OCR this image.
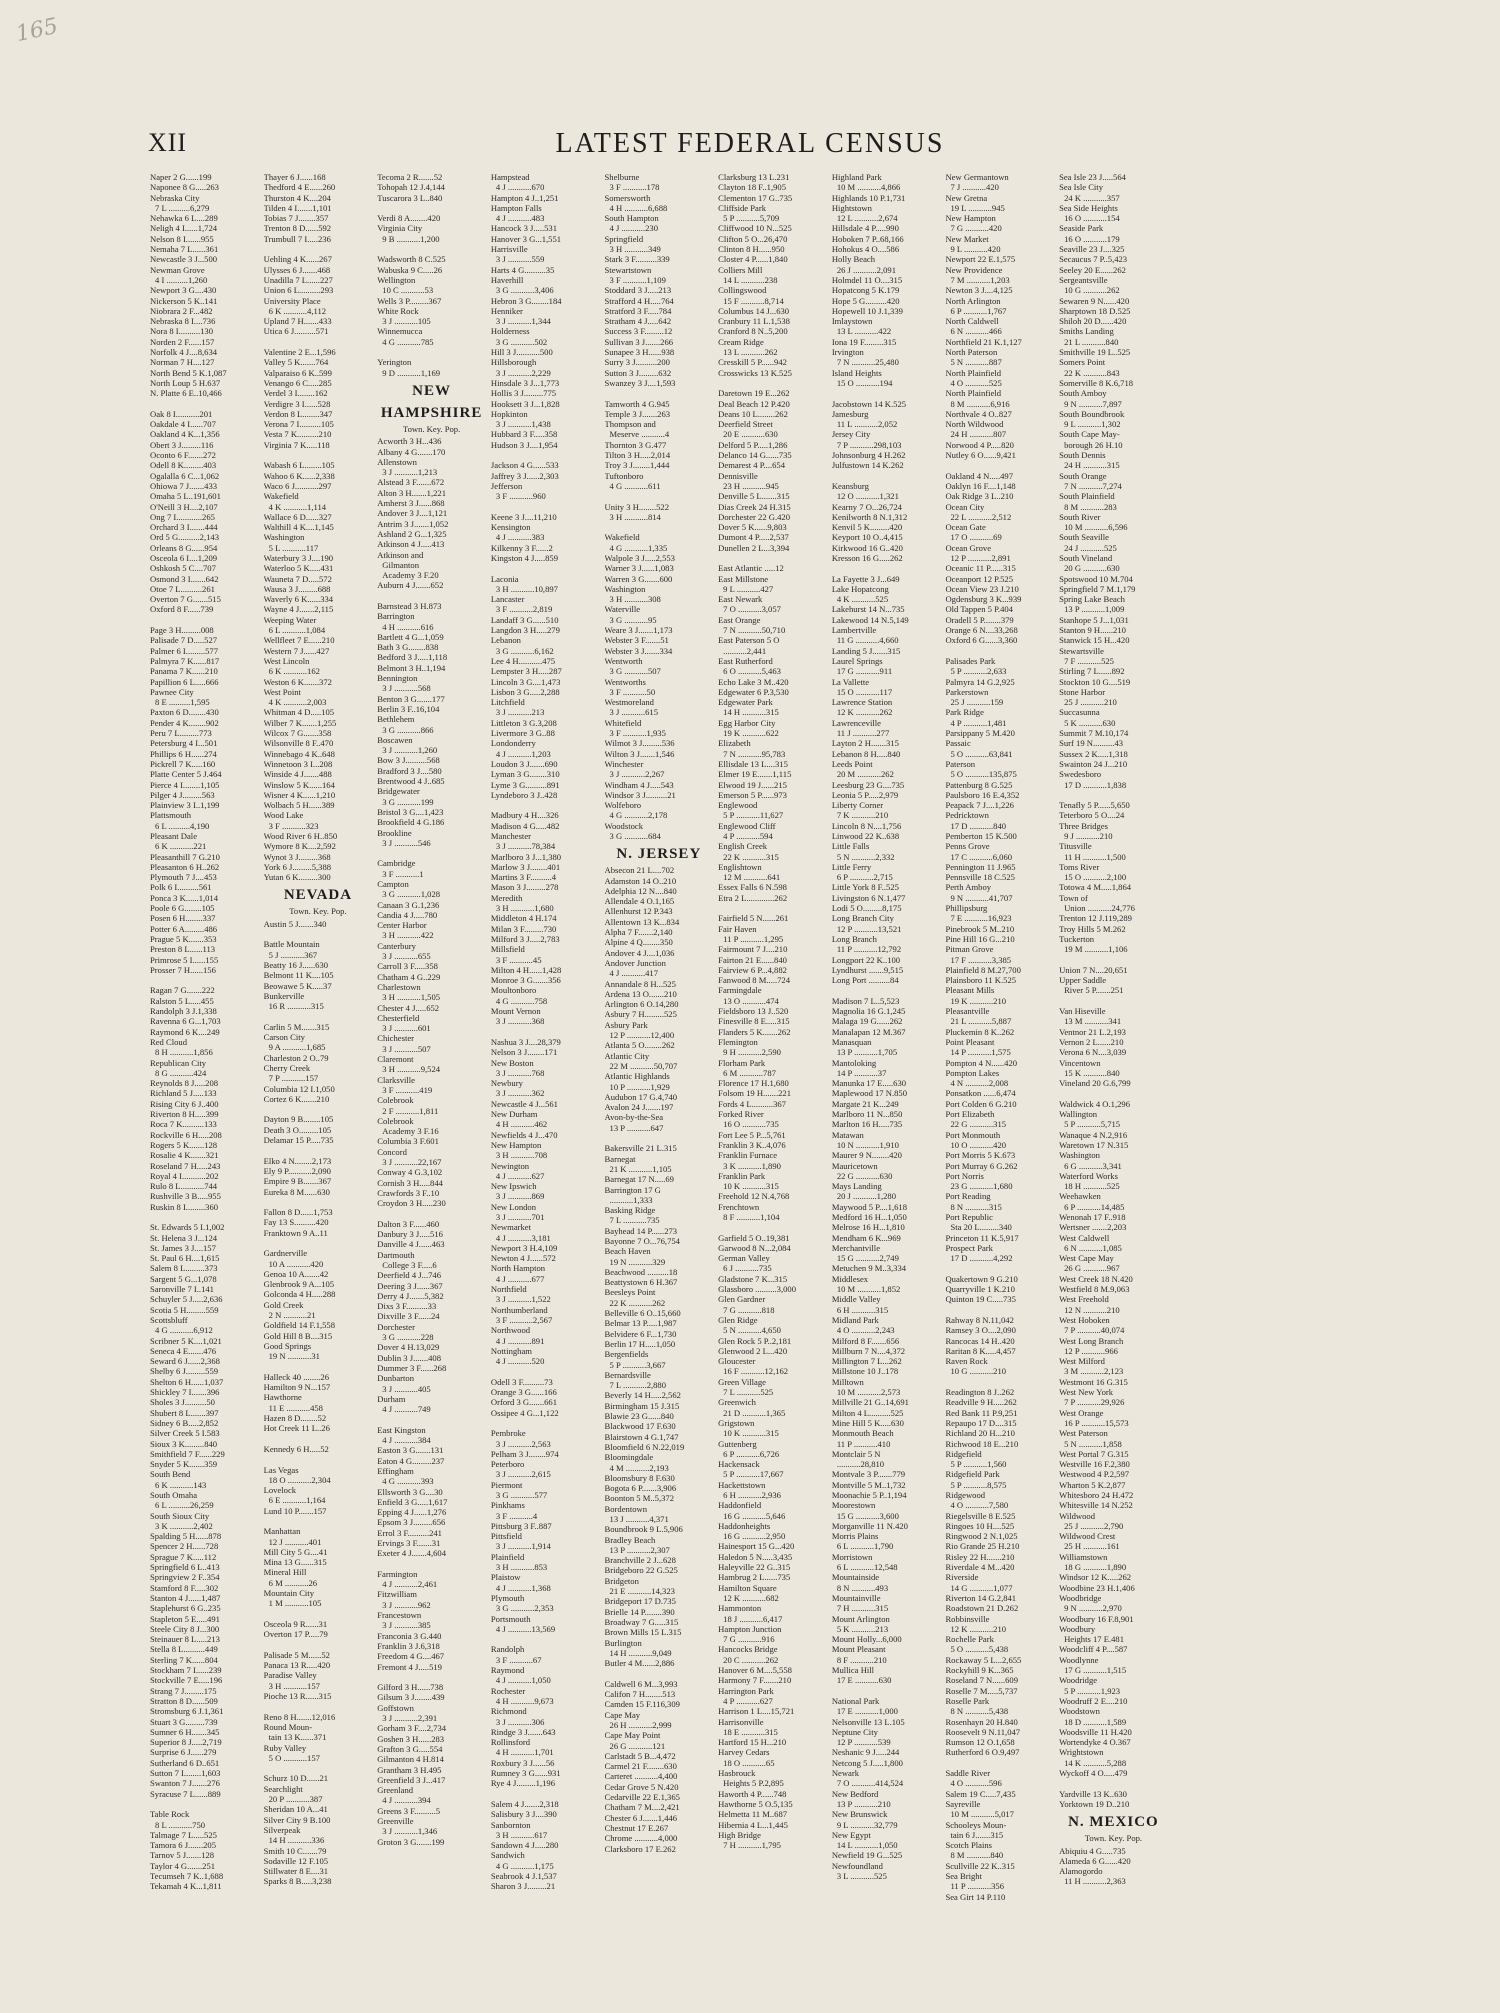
165
XII	LATEST FEDERAL CENSUS
Naper 2 G......199
Naponee 8 G.....263
Nebraska City
7 L ..........6,279
Nehawka 6 L....289
Neligh 4 I......1,724
Nelson 8 I.......955
Nemaha 7 L......361
Newcastle 3 J...500
Newman Grove
4 I ..........1,260
Newport 3 G....430
Nickerson 5 K..141
Niobrara 2 F...482
Nebraska 8 I....736
Nora 8 I..........130
Norden 2 F......157
Norfolk 4 J....8,634
Norman 7 H....127
North Bend 5 K.1,087
North Loup 5 H.637
N. Platte 6 E..10,466

Oak 8 I...........201
Oakdale 4 I......707
Oakland 4 K...1,356
Obert 3 J.........116
Oconto 6 F.......272
Odell 8 K.........403
Ogalalla 6 C...1,062
Ohiowa 7 J.......433
Omaha 5 L..191,601
O'Neill 3 H....2,107
Ong 7 I............265
Orchard 3 I.......444
Ord 5 G..........2,143
Orleans 8 G......954
Osceola 6 I....1,209
Oshkosh 5 C....707
Osmond 3 I.......642
Otoe 7 L..........261
Overton 7 G.......515
Oxford 8 F......739

Page 3 H.........008
Palisade 7 D.....527
Palmer 6 I.........577
Palmyra 7 K......817
Panama 7 K......210
Papillion 6 L.....666
Pawnee City
8 E ..........1,595
Paxton 6 D........430
Pender 4 K........902
Peru 7 L.........773
Petersburg 4 I...501
Phillips 6 H......274
Pickrell 7 K.....160
Platte Center 5 J.464
Pierce 4 I........1,105
Pilger 4 J.........563
Plainview 3 I..1,199
Plattsmouth
6 L ..........4,190
Pleasant Dale
6 K ...........221
Pleasanthill 7 G.210
Pleasanton 6 H..262
Plymouth 7 J....453
Polk 6 I..........561
Ponca 3 K......1,014
Poole 6 G........105
Posen 6 H........337
Potter 6 A.........486
Prague 5 K.......353
Preston 8 L......113
Primrose 5 I......155
Prosser 7 H......156

Ragan 7 G.......222
Ralston 5 L.....455
Randolph 3 J.1,338
Ravenna 6 G...1,703
Raymond 6 K....249
Red Cloud
8 H ...........1,856
Republican City
8 G ...........424
Reynolds 8 J.....208
Richland 5 J.....133
Rising City 6 J..400
Riverton 8 H.....399
Roca 7 K..........133
Rockville 6 H.....208
Rogers 5 K.......128
Rosalie 4 K.......321
Roseland 7 H.....243
Royal 4 I...........202
Rulo 8 L...........744
Rushville 3 B.....955
Ruskin 8 I.........360

St. Edwards 5 I.1,002
St. Helena 3 J...124
St. James 3 J....157
St. Paul 6 H....1,615
Salem 8 L.........373
Sargent 5 G...1,078
Saronville 7 I..141
Schuyler 5 J.....2,636
Scotia 5 H.........559
Scottsbluff
4 G ...........6,912
Scribner 5 K....1,021
Seneca 4 E.......476
Seward 6 J......2,368
Shelby 6 J.........559
Shelton 6 H......1,037
Shickley 7 I.......396
Sholes 3 J..........50
Shubert 8 L.......397
Sidney 6 B.....2,852
Silver Creek 5 I.583
Sioux 3 K.........840
Smithfield 7 F......229
Snyder 5 K.......359
South Bend
6 K ...........143
South Omaha
6 L ..........26,259
South Sioux City
3 K ...........2,402
Spalding 5 H......878
Spencer 2 H......728
Sprague 7 K.....112
Springfield 6 L..413
Springview 2 F..354
Stamford 8 F.....302
Stanton 4 J......1,487
Staplehurst 6 G..235
Stapleton 5 E.....491
Steele City 8 J...300
Steinauer 8 L.....213
Stella 8 L..........449
Sterling 7 K......804
Stockham 7 I......239
Stockville 7 E.....196
Strang 7 J.........175
Stratton 8 D......509
Stromsburg 6 J.1,361
Stuart 3 G.........739
Sumner 6 H.......345
Superior 8 J.....2,719
Surprise 6 J......279
Sutherland 6 D..651
Sutton 7 I........1,603
Swanton 7 J.......276
Syracuse 7 L......889

Table Rock
8 L ...........750
Talmage 7 L.....525
Tamora 6 J.......205
Tarnov 5 J.......128
Taylor 4 G.......251
Tecumseh 7 K..1,688
Tekamah 4 K...1,811
Thayer 6 J......168
Thedford 4 E......260
Thurston 4 K....204
Tilden 4 I.......1,101
Tobias 7 J........357
Trenton 8 D......592
Trumbull 7 I.....236

Uehling 4 K......267
Ulysses 6 J.......468
Unadilla 7 L......227
Union 6 L..........293
University Place
6 K ...........4,112
Upland 7 H.......433
Utica 6 J..........571

Valentine 2 E...1,596
Valley 5 K.......764
Valparaiso 6 K..599
Venango 6 C.....285
Verdel 3 I........162
Verdigre 3 I......528
Verdon 8 L........347
Verona 7 I..........105
Vesta 7 K..........210
Virginia 7 K.....118

Wabash 6 L........105
Wahoo 6 K......2,338
Waco 6 J...........297
Wakefield
4 K ...........1,114
Wallace 6 D......327
Walthill 4 K....1,145
Washington
5 L ...........117
Waterbury 3 J....190
Waterloo 5 K.....431
Wauneta 7 D.....572
Wausa 3 J.........688
Waverly 6 K......334
Wayne 4 J.......2,115
Weeping Water
6 L ...........1,084
Wellfleet 7 E......210
Western 7 J......427
West Lincoln
6 K ...........162
Weston 6 K.......372
West Point
4 K ...........2,003
Whitman 4 D.....105
Wilber 7 K.......1,255
Wilcox 7 G.......358
Wilsonville 8 F..470
Winnebago 4 K..648
Winnetoon 3 I...208
Winside 4 J.......488
Winslow 5 K......164
Wisner 4 K......1,210
Wolbach 5 H......389
Wood Lake
3 F ...........323
Wood River 6 H..850
Wymore 8 K....2,592
Wynot 3 J.........368
York 6 J.........5,388
Yutan 6 K.........300
NEVADA
Town. Key. Pop.
Austin 5 J.......340

Battle Mountain
5 J ...........367
Beatty 16 J......630
Belmont 11 K....105
Beowawe 5 K.....37
Bunkerville
16 R ...........315

Carlin 5 M.......315
Carson City
9 A ...........1,685
Charleston 2 O..79
Cherry Creek
7 P ...........157
Columbia 12 I.1,050
Cortez 6 K.......210

Dayton 9 B........105
Death 3 O.........105
Delamar 15 P.....735

Elko 4 N........2,173
Ely 9 P...........2,090
Empire 9 B.......367
Eureka 8 M......630

Fallon 8 D......1,753
Fay 13 S..........420
Franktown 9 A..11

Gardnerville
10 A ...........420
Genoa 10 A.......42
Glenbrook 9 A...105
Golconda 4 H.....288
Gold Creek
2 N ...........21
Goldfield 14 F.1,558
Gold Hill 8 B....315
Good Springs
19 N ...........31

Halleck 40 ........26
Hamilton 9 N...157
Hawthorne
11 E ...........458
Hazen 8 D........52
Hot Creek 11 L..26

Kennedy 6 H.....52

Las Vegas
18 O ...........2,304
Lovelock
6 E ...........1,164
Lund 10 P.......157

Manhattan
12 J ...........401
Mill City 5 G....41
Mina 13 G......315
Mineral Hill
6 M ...........26
Mountain City
1 M ...........105

Osceola 9 R......31
Overton 17 P.....79

Palisade 5 M......52
Panaca 13 R.....420
Paradise Valley
3 H ...........157
Pioche 13 R......315

Reno 8 H.......12,016
Round Moun-
tain 13 K......371
Ruby Valley
5 O ...........157

Schurz 10 D......21
Searchlight
20 P ...........387
Sheridan 10 A...41
Silver City 9 B.100
Silverpeak
14 H ...........336
Smith 10 C.......79
Sodaville 12 F.105
Stillwater 8 E....31
Sparks 8 B.....3,238
Tecoma 2 R.......52
Tohopah 12 J.4,144
Tuscarora 3 L..840

Verdi 8 A........420
Virginia City
9 B ...........1,200

Wadsworth 8 C.525
Wabuska 9 C.....26
Wellington
10 C ...........53
Wells 3 P.........367
White Rock
3 J ...........105
Winnemucca
4 G ...........785

Yerington
9 D ...........1,169
NEW
HAMPSHIRE
Town. Key. Pop.
Acworth 3 H...436
Albany 4 G.......170
Allenstown
3 J ...........1,213
Alstead 3 F.......672
Alton 3 H.......1,221
Amherst 3 J......868
Andover 3 J....1,121
Antrim 3 J.......1,052
Ashland 2 G...1,325
Atkinson 4 J.....413
Atkinson and
Gilmanton
Academy 3 F.20
Auburn 4 J.......652

Barnstead 3 H.873
Barrington
4 H ...........616
Bartlett 4 G...1,059
Bath 3 G........838
Bedford 3 J.....1,118
Belmont 3 H..1,194
Bennington
3 J ...........568
Benton 3 G.......177
Berlin 3 F..16,104
Bethlehem
3 G ...........866
Boscawen
3 J ...........1,260
Bow 3 J..........568
Bradford 3 J....580
Brentwood 4 J..685
Bridgewater
3 G ...........199
Bristol 3 G....1,423
Brookfield 4 G.186
Brookline
3 J ...........546

Cambridge
3 F ...........1
Campton
3 G ...........1,028
Canaan 3 G.1,236
Candia 4 J.....780
Center Harbor
3 H ...........422
Canterbury
3 J ...........655
Carroll 3 F.....358
Chatham 4 G..229
Charlestown
3 H ...........1,505
Chester 4 J.....652
Chesterfield
3 J ...........601
Chichester
3 J ...........507
Claremont
3 H ...........9,524
Clarksville
3 F ...........419
Colebrook
2 F ...........1,811
Colebrook
Academy 3 F.16
Columbia 3 F.601
Concord
3 J ...........22,167
Conway 4 G.3,102
Cornish 3 H.....844
Crawfords 3 F..10
Croydon 3 H.....230

Dalton 3 F......460
Danbury 3 J.....516
Danville 4 J......463
Dartmouth
College 3 F.....6
Deerfield 4 J...746
Deering 3 J......367
Derry 4 J.......5,382
Dixs 3 F..........33
Dixville 3 F......24
Dorchester
3 G ...........228
Dover 4 H.13,029
Dublin 3 J.......408
Dummer 3 F......268
Dunbarton
3 J ...........405
Durham
4 J ...........749

East Kingston
4 J ...........384
Easton 3 G.......131
Eaton 4 G.........237
Effingham
4 G ...........393
Ellsworth 3 G....30
Enfield 3 G.....1,617
Epping 4 J......1,276
Epsom 3 J.........656
Errol 3 F..........241
Ervings 3 F.......31
Exeter 4 J.......4,604

Farmington
4 J ...........2,461
Fitzwilliam
3 J ...........962
Francestown
3 J ...........385
Franconia 3 G.440
Franklin 3 J.6,318
Freedom 4 G....467
Fremont 4 J.....519

Gilford 3 H......738
Gilsum 3 J........439
Goffstown
3 J ...........2,391
Gorham 3 F....2,734
Goshen 3 H......283
Grafton 3 G.....554
Gilmanton 4 H.814
Grantham 3 H.495
Greenfield 3 J...417
Greenland
4 J ...........394
Greens 3 F..........5
Greenville
3 J ...........1,346
Groton 3 G.......199
Hampstead
4 J ...........670
Hampton 4 J..1,251
Hampton Falls
4 J ...........483
Hancock 3 J.....531
Hanover 3 G...1,551
Harrisville
3 J ...........559
Harts 4 G..........35
Haverhill
3 G ...........3,406
Hebron 3 G........184
Henniker
3 J ...........1,344
Holderness
3 G ...........502
Hill 3 J...........500
Hillsborough
3 J ...........2,229
Hinsdale 3 J...1,773
Hollis 3 J.........775
Hooksett 3 J...1,828
Hopkinton
3 J ...........1,438
Hubbard 3 F.....358
Hudson 3 J....1,954

Jackson 4 G......533
Jaffrey 3 J......2,303
Jefferson
3 F ...........960

Keene 3 J....11,210
Kensington
4 J ...........383
Kilkenny 3 F......2
Kingston 4 J.....859

Laconia
3 H ...........10,897
Lancaster
3 F ...........2,819
Landaff 3 G......510
Langdon 3 H.....279
Lebanon
3 G ...........6,162
Lee 4 H...........475
Lempster 3 H.....287
Lincoln 3 G....1,473
Lisbon 3 G.....2,288
Litchfield
3 J ...........213
Littleton 3 G.3,208
Livermore 3 G..88
Londonderry
4 J ...........1,203
Loudon 3 J.......690
Lyman 3 G........310
Lyme 3 G..........891
Lyndeboro 3 J..428

Madbury 4 H....326
Madison 4 G.....482
Manchester
3 J ...........78,384
Marlboro 3 J...1,380
Marlow 3 J........401
Martins 3 F..........4
Mason 3 J.........278
Meredith
3 H ...........1,680
Middleton 4 H.174
Milan 3 F.........730
Milford 3 J.....2,783
Millsfield
3 F ...........45
Milton 4 H......1,428
Monroe 3 G.......356
Moultonboro
4 G ...........758
Mount Vernon
3 J ...........368

Nashua 3 J....28,379
Nelson 3 J........171
New Boston
3 J ...........768
Newbury
3 J ...........362
Newcastle 4 J...561
New Durham
4 H ...........462
Newfields 4 J...470
New Hampton
3 H ...........708
Newington
4 J ...........627
New Ipswich
3 J ...........869
New London
3 J ...........701
Newmarket
4 J ...........3,181
Newport 3 H.4,109
Newton 4 J......572
North Hampton
4 J ...........677
Northfield
3 J ...........1,522
Northumberland
3 F ...........2,567
Northwood
4 J ...........891
Nottingham
4 J ...........520

Odell 3 F..........73
Orange 3 G......166
Orford 3 G.......661
Ossipee 4 G...1,122

Pembroke
3 J ...........2,563
Pelham 3 J........974
Peterboro
3 J ...........2,615
Piermont
3 G ...........577
Pinkhams
3 F ...........4
Pittsburg 3 F..887
Pittsfield
3 J ...........1,914
Plainfield
3 H ...........853
Plaistow
4 J ...........1,368
Plymouth
3 G ...........2,353
Portsmouth
4 J ...........13,569

Randolph
3 F ...........67
Raymond
4 J ...........1,050
Rochester
4 H ...........9,673
Richmond
3 J ...........306
Rindge 3 J.......643
Rollinsford
4 H ...........1,701
Roxbury 3 J......56
Rumney 3 G......931
Rye 4 J.........1,196

Salem 4 J.......2,318
Salisbury 3 J....390
Sanbornton
3 H ...........617
Sandown 4 J.....280
Sandwich
4 G ...........1,175
Seabrook 4 J.1,537
Sharon 3 J.........21
Shelburne
3 F ...........178
Somersworth
4 H ...........6,688
South Hampton
4 J ...........230
Springfield
3 H ...........349
Stark 3 F..........339
Stewartstown
3 F ...........1,109
Stoddard 3 J.....213
Strafford 4 H.....764
Stratford 3 F.....784
Stratham 4 J.....642
Success 3 F.........12
Sullivan 3 J.......266
Sunapee 3 H......938
Surry 3 J..........200
Sutton 3 J.........632
Swanzey 3 J....1,593

Tamworth 4 G.945
Temple 3 J.......263
Thompson and
Meserve ...........4
Thornton 3 G.477
Tilton 3 H.....2,014
Troy 3 J........1,444
Tuftonboro
4 G ...........611

Unity 3 H........522
3 H ...........814

Wakefield
4 G ...........1,335
Walpole 3 J.....2,553
Warner 3 J......1,083
Warren 3 G.......600
Washington
3 H ...........308
Waterville
3 G ...........95
Weare 3 J.......1,173
Webster 3 F.......51
Webster 3 J.......334
Wentworth
3 G ...........507
Wentworths
3 F ...........50
Westmoreland
3 J ...........615
Whitefield
3 F ...........1,935
Wilmot 3 J.........536
Wilton 3 J.......1,546
Winchester
3 J ...........2,267
Windham 4 J.....543
Windsor 3 J..........21
Wolfeboro
4 G ...........2,178
Woodstock
3 G ...........684
N. JERSEY
Absecon 21 L....702
Adamston 14 O..210
Adelphia 12 N....840
Allendale 4 O.1,165
Allenhurst 12 P.343
Allentown 13 K...834
Alpha 7 F.......2,140
Alpine 4 Q........350
Andover 4 J....1,036
Andover Junction
4 J ...........417
Annandale 8 H...525
Ardena 13 O.......210
Arlington 6 O.14,280
Asbury 7 H.........525
Asbury Park
12 P ...........12,400
Atlanta 5 O........262
Atlantic City
22 M ...........50,707
Atlantic Highlands
10 P ...........1,929
Audubon 17 G.4,740
Avalon 24 J.......197
Avon-by-the-Sea
13 P ...........647

Bakersville 21 L.315
Barnegat
21 K ...........1,105
Barnegat 17 N.....69
Barrington 17 G
...........1,333
Basking Ridge
7 L ...........735
Bayhead 14 P......273
Bayonne 7 O...76,754
Beach Haven
19 N ...........329
Beachwood ..........18
Beattystown 6 H.367
Beesleys Point
22 K ...........262
Belleville 6 O..15,660
Belmar 13 P.....1,987
Belvidere 6 F...1,730
Berlin 17 H.....1,050
Bergenfields
5 P ...........3,667
Bernardsville
7 L ...........2,880
Beverly 14 H.....2,562
Birmingham 15 J.315
Blawie 23 G......840
Blackwood 17 F.630
Blairstown 4 G.1,747
Bloomfield 6 N.22,019
Bloomingdale
4 M ...........2,193
Bloomsbury 8 F.630
Bogota 6 P.......3,906
Boonton 5 M..5,372
Bordentown
13 J ...........4,371
Boundbrook 9 L.5,906
Bradley Beach
13 P ...........2,307
Branchville 2 J...628
Bridgeboro 22 G.525
Bridgeton
21 E ...........14,323
Bridgeport 17 D.735
Brielle 14 P........390
Broadway 7 G.....315
Brown Mills 15 L.315
Burlington
14 H ...........9,049
Butler 4 M......2,886

Caldwell 6 M...3,993
Califon 7 H........513
Camden 15 F.116,309
Cape May
26 H ...........2,999
Cape May Point
26 G ...........121
Carlstadt 5 B...4,472
Carmel 21 F........630
Carteret ...........4,400
Cedar Grove 5 N.420
Cedarville 22 E.1,365
Chatham 7 M....2,421
Chester 6 J.......1,446
Chestnut 17 E.267
Chrome ...........4,000
Clarksboro 17 E.262
Clarksburg 13 L.231
Clayton 18 F..1,905
Clementon 17 G..735
Cliffside Park
5 P ...........5,709
Cliffwood 10 N...525
Clifton 5 O...26,470
Clinton 8 H......950
Closter 4 P......1,840
Colliers Mill
14 L ...........238
Collingswood
15 F ...........8,714
Columbus 14 J...630
Cranbury 11 L.1,538
Cranford 8 N..5,200
Cream Ridge
13 L ...........262
Cresskill 5 P......942
Crosswicks 13 K.525

Daretown 19 E...262
Deal Beach 12 P.420
Deans 10 L........262
Deerfield Street
20 E ...........630
Delford 5 P.....1,286
Delanco 14 G......735
Demarest 4 P....654
Dennisville
23 H ...........945
Denville 5 L.......315
Dias Creek 24 H.315
Dorchester 22 G.420
Dover 5 K......9,803
Dumont 4 P.....2,537
Dunellen 2 L...3,394

East Atlantic .....12
East Millstone
9 L ...........427
East Newark
7 O ...........3,057
East Orange
7 N ...........50,710
East Paterson 5 O
...........2,441
East Rutherford
6 O ...........5,463
Echo Lake 3 M..420
Edgewater 6 P.3,530
Edgewater Park
14 H ...........315
Egg Harbor City
19 K ...........622
Elizabeth
7 N ...........95,783
Ellisdale 13 L....315
Elmer 19 E.......1,115
Elwood 19 J......215
Emerson 5 P......973
Englewood
5 P ...........11,627
Englewood Cliff
4 P ...........594
English Creek
22 K ...........315
Englishtown
12 M ...........641
Essex Falls 6 N.598
Etra 2 L.............262

Fairfield 5 N......261
Fair Haven
11 P ...........1,295
Fairmount 7 J....210
Fairton 21 E......840
Fairview 6 P...4,882
Fanwood 8 M.....724
Farmingdale
13 O ...........474
Fieldsboro 13 J..520
Finesville 8 E.....315
Flanders 5 K.......262
Flemington
9 H ...........2,590
Florham Park
6 M ...........787
Florence 17 H.1,680
Folsom 19 H.......221
Fords 4 L..........367
Forked River
16 O ...........735
Fort Lee 5 P...5,761
Franklin 3 K..4,076
Franklin Furnace
3 K ...........1,890
Franklin Park
10 K ...........315
Freehold 12 N.4,768
Frenchtown
8 F ...........1,104

Garfield 5 O..19,381
Garwood 8 N...2,084
German Valley
6 J ...........735
Gladstone 7 K...315
Glassboro ..........3,000
Glen Gardner
7 G ...........818
Glen Ridge
5 N ...........4,650
Glen Rock 5 P..2,181
Glenwood 2 L...420
Gloucester
16 F ...........12,162
Green Village
7 L ...........525
Greenwich
21 D ...........1,365
Grigstown
10 K ...........315
Guttenberg
6 P ...........6,726
Hackensack
5 P ...........17,667
Hackettstown
6 H ...........2,936
Haddonfield
16 G ...........5,646
Haddonheights
16 G ...........2,950
Hainesport 15 G...420
Haledon 5 N.....3,435
Haleyville 22 G..315
Hambrug 2 L......735
Hamilton Square
12 K ...........682
Hammonton
18 J ...........6,417
Hampton Junction
7 G ...........916
Hancocks Bridge
20 C ...........262
Hanover 6 M....5,558
Harmony 7 F.......210
Harrington Park
4 P ...........627
Harrison 1 L....15,721
Harrisonville
18 E ...........315
Hartford 15 H...210
Harvey Cedars
18 O ...........65
Hasbrouck
Heights 5 P.2,895
Haworth 4 P......748
Hawthorne 5 O.5,135
Helmetta 11 M..687
Hibernia 4 L...1,445
High Bridge
7 H ...........1,795
Highland Park
10 M ...........4,866
Highlands 10 P.1,731
Hightstown
12 L ...........2,674
Hillsdale 4 P.....990
Hoboken 7 P..68,166
Hohokus 4 O....586
Holly Beach
26 J ...........2,091
Holmdel 11 O....315
Hopatcong 5 K.179
Hope 5 G..........420
Hopewell 10 J.1,339
Imlaystown
13 L ...........422
Iona 19 F.........315
Irvington
7 N ...........25,480
Island Heights
15 O ...........194

Jacobstown 14 K.525
Jamesburg
11 L ...........2,052
Jersey City
7 P ...........298,103
Johnsonburg 4 H.262
Julfustown 14 K.262

Keansburg
12 O ...........1,321
Kearny 7 O...26,724
Kenilworth 8 N.1,312
Kenvil 5 K.........420
Keyport 10 O..4,415
Kirkwood 16 G..420
Kresson 16 G.....262

La Fayette 3 J...649
Lake Hopatcong
4 K ...........525
Lakehurst 14 N...735
Lakewood 14 N.5,149
Lambertville
11 G ...........4,660
Landing 5 J.......315
Laurel Springs
17 G ...........911
La Vallette
15 O ...........117
Lawrence Station
12 K ...........262
Lawrenceville
11 J ...........277
Layton 2 H.......315
Lebanon 8 H.....840
Leeds Point
20 M ...........262
Leesburg 23 G....735
Leonia 5 P.....2,979
Liberty Corner
7 K ...........210
Lincoln 8 N....1,756
Linwood 22 K..638
Little Falls
5 N ...........2,332
Little Ferry
6 P ...........2,715
Little York 8 F..525
Livingston 6 N.1,477
Lodi 5 O.........8,175
Long Branch City
12 P ...........13,521
Long Branch
11 P ...........12,792
Longport 22 K..100
Lyndhurst .......9,515
Long Port ..........84

Madison 7 L..5,523
Magnolia 16 G.1,245
Malaga 19 G......262
Manalapan 12 M.367
Manasquan
13 P ...........1,705
Mantoloking
14 P ...........37
Manunka 17 E.....630
Maplewood 17 N.850
Margate 21 K...249
Marlboro 11 N...850
Marlton 16 H.....735
Matawan
10 N ...........1,910
Maurer 9 N........420
Mauricetown
22 G ...........630
Mays Landing
20 J ...........1,280
Maywood 5 P....1,618
Medford 16 H...1,050
Melrose 16 H...1,810
Mendham 6 K...969
Merchantville
15 G ...........2,749
Metuchen 9 M..3,334
Middlesex
10 M ...........1,852
Middle Valley
6 H ...........315
Midland Park
4 O ...........2,243
Milford 8 F.......656
Millburn 7 N....4,372
Millington 7 L...262
Millstone 10 J..178
Milltown
10 M ...........2,573
Millville 21 G..14,691
Milton 4 L..........525
Mine Hill 5 K.....630
Monmouth Beach
11 P ...........410
Montclair 5 N
...........28,810
Montvale 3 P.......779
Montville 5 M..1,732
Moonachie 5 P..1,194
Moorestown
15 G ...........3,600
Morganville 11 N.420
Morris Plains
6 L ...........1,790
Morristown
6 L ...........12,548
Mountainside
8 N ...........493
Mountainville
7 H ...........315
Mount Arlington
5 K ...........213
Mount Holly...6,000
Mount Pleasant
8 F ...........210
Mullica Hill
17 E ...........630

National Park
17 E ...........1,000
Nelsonville 13 L.105
Neptune City
12 P ...........539
Neshanic 9 J.....244
Netcong 5 J.....1,800
Newark
7 O ...........414,524
New Bedford
13 P ...........210
New Brunswick
9 L ...........32,779
New Egypt
14 L ...........1,050
Newfield 19 G...525
Newfoundland
3 L ...........525
New Germantown
7 J ...........420
New Gretna
19 L ...........945
New Hampton
7 G ...........420
New Market
9 L ...........420
Newport 22 E.1,575
New Providence
7 M ...........1,203
Newton 3 J....4,125
North Arlington
6 P ...........1,767
North Caldwell
6 N ...........466
Northfield 21 K.1,127
North Paterson
5 N ...........887
North Plainfield
4 O ...........525
North Plainfield
8 M ...........6,916
Northvale 4 O..827
North Wildwood
24 H ...........807
Norwood 4 P.....820
Nutley 6 O......9,421

Oakland 4 N.....497
Oaklyn 16 F....1,148
Oak Ridge 3 L..210
Ocean City
22 L ...........2,512
Ocean Gate
17 O ...........69
Ocean Grove
12 P ...........2,891
Oceanic 11 P......315
Oceanport 12 P.525
Ocean View 23 J.210
Ogdensburg 3 K...939
Old Tappen 5 P.404
Oradell 5 P........379
Orange 6 N....33,268
Oxford 6 G......3,360

Palisades Park
5 P ...........2,633
Palmyra 14 G.2,925
Parkerstown
25 J ...........159
Park Ridge
4 P ...........1,481
Parsippany 5 M.420
Passaic
5 O ...........63,841
Paterson
5 O ...........135,875
Pattenburg 8 G.525
Paulsboro 16 E.4,352
Peapack 7 J....1,226
Pedricktown
17 D ...........840
Pemberton 15 K.500
Penns Grove
17 C ...........6,060
Pennington 11 J.965
Pennsville 18 C.525
Perth Amboy
9 N ...........41,707
Phillipsburg
7 E ...........16,923
Pinebrook 5 M..210
Pine Hill 16 G...210
Pitman Grove
17 F ...........3,385
Plainfield 8 M.27,700
Plainsboro 11 K.525
Pleasant Mills
19 K ...........210
Pleasantville
21 L ...........5,887
Pluckemin 8 K..262
Point Pleasant
14 P ...........1,575
Pompton 4 N......420
Pompton Lakes
4 N ...........2,008
Ponsatkon ......6,474
Port Colden 6 G.210
Port Elizabeth
22 G ...........315
Port Monmouth
10 O ...........420
Port Morris 5 K.673
Port Murray 6 G.262
Port Norris
23 G ...........1,680
Port Reading
8 N ...........315
Port Republic
Sta 20 L.........340
Princeton 11 K.5,917
Prospect Park
17 D ...........4,292

Quakertown 9 G.210
Quarryville 1 K.210
Quinton 19 C.....735

Rahway 8 N.11,042
Ramsey 3 O....2,090
Rancocas 14 H..420
Raritan 8 K.....4,457
Raven Rock
10 G ...........210

Readington 8 J..262
Readville 9 H.....262
Red Bank 11 P.9,251
Repaupo 17 D....315
Richland 20 H...210
Richwood 18 E...210
Ridgefield
5 P ...........1,560
Ridgefield Park
5 P ...........8,575
Ridgewood
4 O ...........7,580
Riegelsville 8 E.525
Ringoes 10 H....525
Ringwood 2 N.1,025
Rio Grande 25 H.210
Risley 22 H.......210
Riverdale 4 M...420
Riverside
14 G ...........1,077
Riverton 14 G.2,841
Roadstown 21 D.262
Robbinsville
12 K ...........210
Rochelle Park
5 O ...........5,438
Rockaway 5 L...2,655
Rockyhill 9 K...365
Roseland 7 N......609
Roselle 7 M.....5,737
Roselle Park
8 N ...........5,438
Rosenhayn 20 H.840
Roosevelt 9 N.11,047
Rumson 12 O.1,658
Rutherford 6 O.9,497

Saddle River
4 O ...........596
Salem 19 C.....7,435
Sayreville
10 M ...........5,017
Schooleys Moun-
tain 6 J.......315
Scotch Plains
8 M ...........840
Scullville 22 K..315
Sea Bright
11 P ...........356
Sea Girt 14 P.110
Sea Isle 23 J.....564
Sea Isle City
24 K ...........357
Sea Side Heights
16 O ...........154
Seaside Park
16 O ...........179
Seaville 23 J....325
Secaucus 7 P..5,423
Seeley 20 E......262
Sergeantsville
10 G ...........262
Sewaren 9 N......420
Sharptown 18 D.525
Shiloh 20 D......420
Smiths Landing
21 L ...........840
Smithville 19 L..525
Somers Point
22 K ...........843
Somerville 8 K.6,718
South Amboy
9 N ...........7,897
South Boundbrook
9 L ...........1,302
South Cape May-
borough 26 H.10
South Dennis
24 H ...........315
South Orange
7 N ...........7,274
South Plainfield
8 M ...........283
South River
10 M ...........6,596
South Seaville
24 J ...........525
South Vineland
20 G ...........630
Spotswood 10 M.704
Springfield 7 M.1,179
Spring Lake Beach
13 P ...........1,009
Stanhope 5 J...1,031
Stanton 9 H......210
Stanwick 15 H...420
Stewartsville
7 F ...........525
Stirling 7 L......892
Stockton 10 G....519
Stone Harbor
25 J ...........210
Succasunna
5 K ...........630
Summit 7 M.10,174
Surf 19 N..........43
Sussex 2 K.....1,318
Swainton 24 J...210
Swedesboro
17 D ...........1,838

Tenafly 5 P......5,650
Teterboro 5 O....24
Three Bridges
9 J ...........210
Titusville
11 H ...........1,500
Toms River
15 O ...........2,100
Totowa 4 M.....1,864
Town of
Union ...........24,776
Trenton 12 J.119,289
Troy Hills 5 M.262
Tuckerton
19 M ...........1,106

Union 7 N....20,651
Upper Saddle
River 5 P.......251

Van Hiseville
13 M ...........341
Ventnor 21 L.2,193
Vernon 2 L......210
Verona 6 N....3,039
Vincentown
15 K ...........840
Vineland 20 G.6,799

Waldwick 4 O.1,296
Wallington
5 P ...........5,715
Wanaque 4 N.2,916
Waretown 17 N.315
Washington
6 G ...........3,341
Waterford Works
18 H ...........525
Weehawken
6 P ...........14,485
Wenonah 17 F..918
Wertsner .......2,203
West Caldwell
6 N ...........1,085
West Cape May
26 G ...........967
West Creek 18 N.420
Westfield 8 M.9,063
West Freehold
12 N ...........210
West Hoboken
7 P ...........40,074
West Long Branch
12 P ...........966
West Milford
3 M ...........2,123
Westmont 16 G.315
West New York
7 P ...........29,926
West Orange
16 P ...........15,573
West Paterson
5 N ...........1,858
West Portal 7 G.315
Westville 16 F.2,380
Westwood 4 P.2,597
Wharton 5 K.2,877
Whitesboro 24 H.472
Whitesville 14 N.252
Wildwood
25 J ...........2,790
Wildwood Crest
25 H ...........161
Williamstown
18 G ...........1,890
Windsor 12 K.....262
Woodbine 23 H.1,406
Woodbridge
9 N ...........2,970
Woodbury 16 F.8,901
Woodbury
Heights 17 E.481
Woodcliff 4 P....587
Woodlynne
17 G ...........1,515
Woodridge
5 P ...........1,923
Woodruff 2 E....210
Woodstown
18 D ...........1,589
Woodsville 11 H.420
Wortendyke 4 O.367
Wrightstown
14 K ...........5,288
Wyckoff 4 O.....479

Yardville 13 K..630
Yorktown 19 D..210
N. MEXICO
Town. Key. Pop.
Abiquiu 4 G.....735
Alameda 6 G......420
Alamogordo
11 H ...........2,363
